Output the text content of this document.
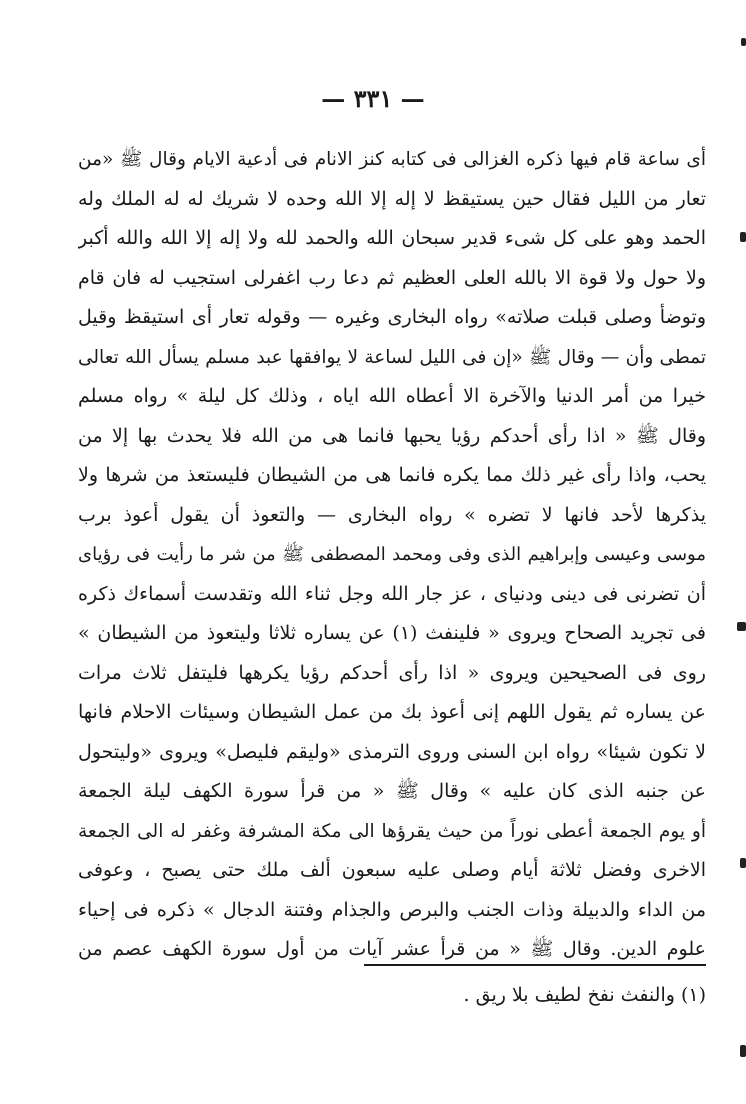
— ٣٣١ —
أى ساعة قام فيها ذكره الغزالى فى كتابه كنز الانام فى أدعية الايام وقال ﷺ «من
تعار من الليل فقال حين يستيقظ لا إله إلا الله وحده لا شريك له له الملك وله
الحمد وهو على كل شىء قدير سبحان الله والحمد لله ولا إله إلا الله والله أكبر
ولا حول ولا قوة الا بالله العلى العظيم ثم دعا رب اغفرلى استجيب له فان قام
وتوضأ وصلى قبلت صلاته» رواه البخارى وغيره — وقوله تعار أى استيقظ وقيل
تمطى وأن — وقال ﷺ «إن فى الليل لساعة لا يوافقها عبد مسلم يسأل الله تعالى
خيرا من أمر الدنيا والآخرة الا أعطاه الله اياه ، وذلك كل ليلة » رواه مسلم
وقال ﷺ « اذا رأى أحدكم رؤيا يحبها فانما هى من الله فلا يحدث بها إلا من
يحب، واذا رأى غير ذلك مما يكره فانما هى من الشيطان فليستعذ من شرها ولا
يذكرها لأحد فانها لا تضره » رواه البخارى — والتعوذ أن يقول أعوذ برب
موسى وعيسى وإبراهيم الذى وفى ومحمد المصطفى ﷺ من شر ما رأيت فى رؤياى
أن تضرنى فى دينى ودنياى ، عز جار الله وجل ثناء الله وتقدست أسماءك ذكره
فى تجريد الصحاح ويروى « فلينفث (١) عن يساره ثلاثا وليتعوذ من الشيطان »
روى فى الصحيحين ويروى « اذا رأى أحدكم رؤيا يكرهها فليتفل ثلاث مرات
عن يساره ثم يقول اللهم إنى أعوذ بك من عمل الشيطان وسيئات الاحلام فانها
لا تكون شيئا» رواه ابن السنى وروى الترمذى «وليقم فليصل» ويروى «وليتحول
عن جنبه الذى كان عليه » وقال ﷺ « من قرأ سورة الكهف ليلة الجمعة
أو يوم الجمعة أعطى نوراً من حيث يقرؤها الى مكة المشرفة وغفر له الى الجمعة
الاخرى وفضل ثلاثة أيام وصلى عليه سبعون ألف ملك حتى يصبح ، وعوفى
من الداء والدبيلة وذات الجنب والبرص والجذام وفتنة الدجال » ذكره فى إحياء
علوم الدين. وقال ﷺ « من قرأ عشر آيات من أول سورة الكهف عصم من
(١) والنفث نفخ لطيف بلا ريق .
